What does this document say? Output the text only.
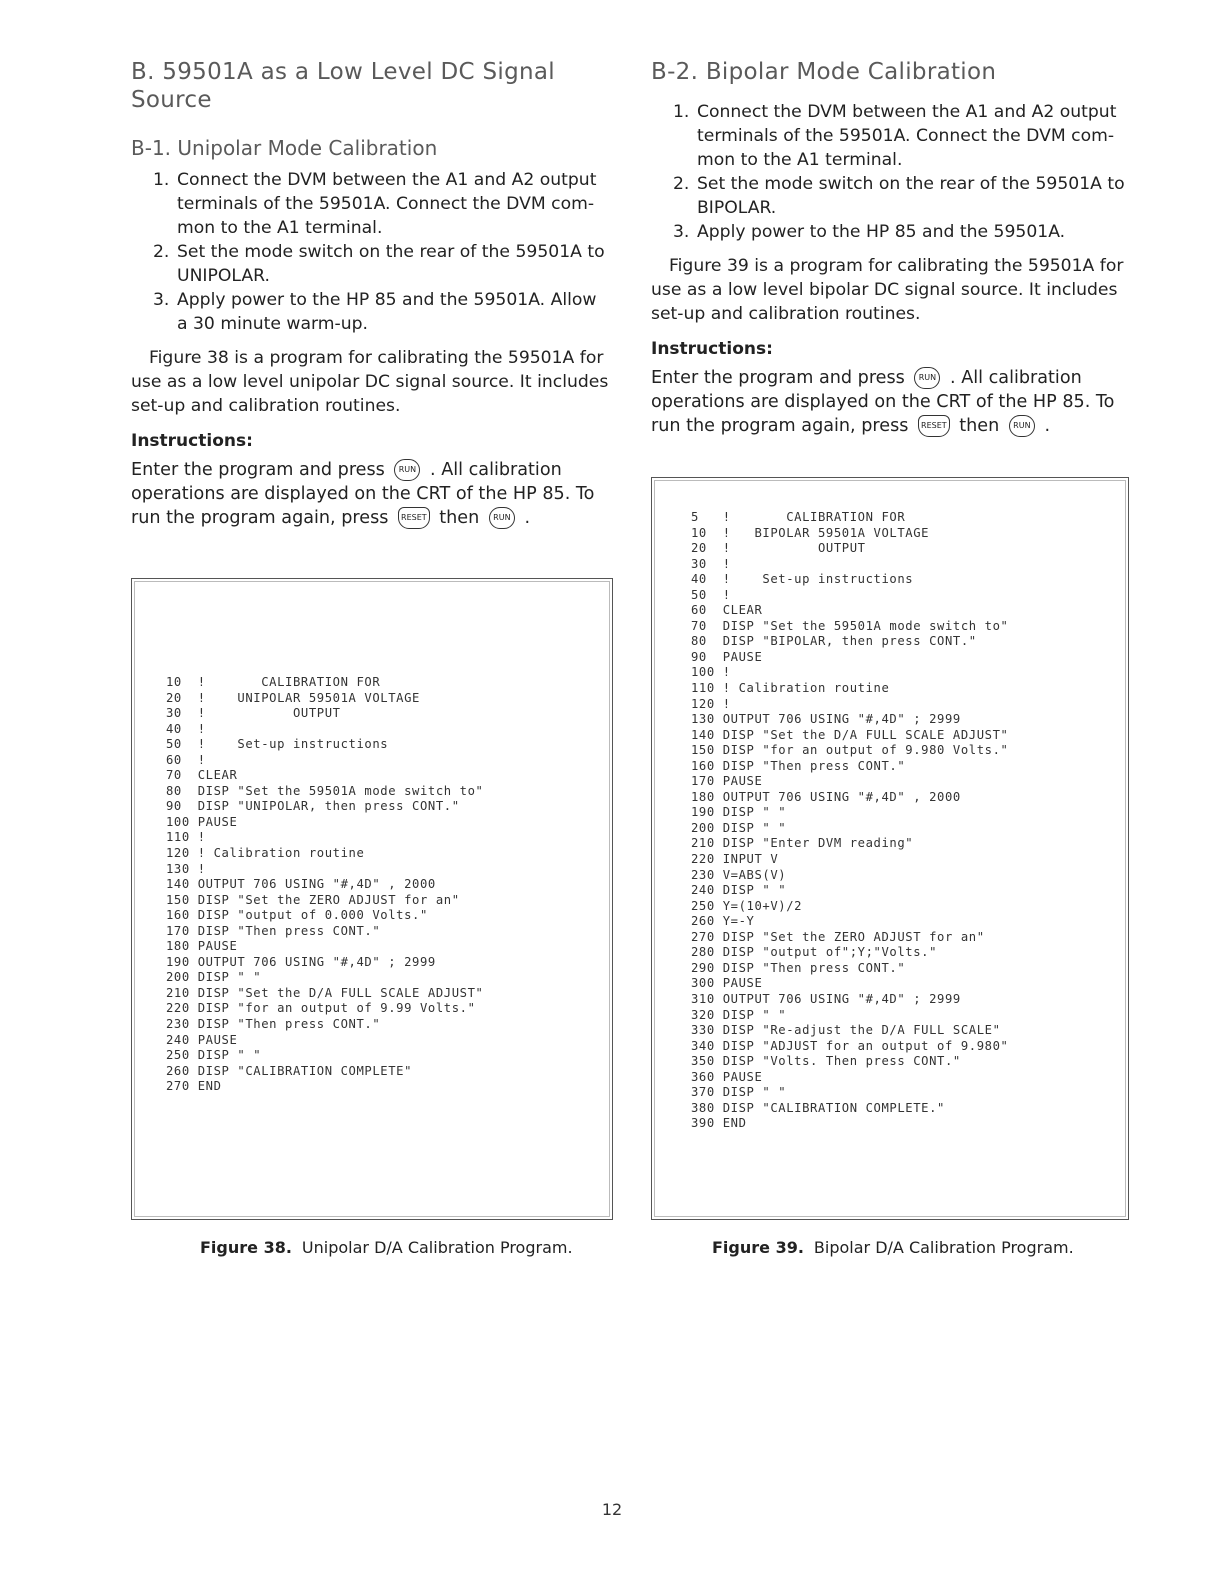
B. 59501A as a Low Level DC Signal
Source
B-1. Unipolar Mode Calibration
1. Connect the DVM between the A1 and A2 output
terminals of the 59501A. Connect the DVM com-
mon to the A1 terminal.
2. Set the mode switch on the rear of the 59501A to
UNIPOLAR.
3. Apply power to the HP 85 and the 59501A. Allow
a 30 minute warm-up.

Figure 38 is a program for calibrating the 59501A for
use as a low level unipolar DC signal source. It includes
set-up and calibration routines.

Instructions:

Enter the program and press RUN . All calibration
operations are displayed on the CRT of the HP 85. To
run the program again, press RESET then RUN .

B-2. Bipolar Mode Calibration
1. Connect the DVM between the A1 and A2 output
terminals of the 59501A. Connect the DVM com-
mon to the A1 terminal.
2. Set the mode switch on the rear of the 59501A to
BIPOLAR.
3. Apply power to the HP 85 and the 59501A.

Figure 39 is a program for calibrating the 59501A for
use as a low level bipolar DC signal source. It includes
set-up and calibration routines.

Instructions:

Enter the program and press RUN . All calibration
operations are displayed on the CRT of the HP 85. To
run the program again, press RESET then RUN .

10  !       CALIBRATION FOR
20  !    UNIPOLAR 59501A VOLTAGE
30  !           OUTPUT
40  !
50  !    Set-up instructions
60  !
70  CLEAR
80  DISP "Set the 59501A mode switch to"
90  DISP "UNIPOLAR, then press CONT."
100 PAUSE
110 !
120 ! Calibration routine
130 !
140 OUTPUT 706 USING "#,4D" , 2000
150 DISP "Set the ZERO ADJUST for an"
160 DISP "output of 0.000 Volts."
170 DISP "Then press CONT."
180 PAUSE
190 OUTPUT 706 USING "#,4D" ; 2999
200 DISP " "
210 DISP "Set the D/A FULL SCALE ADJUST"
220 DISP "for an output of 9.99 Volts."
230 DISP "Then press CONT."
240 PAUSE
250 DISP " "
260 DISP "CALIBRATION COMPLETE"
270 END
Figure 38. Unipolar D/A Calibration Program.
5   !       CALIBRATION FOR
10  !   BIPOLAR 59501A VOLTAGE
20  !           OUTPUT
30  !
40  !    Set-up instructions
50  !
60  CLEAR
70  DISP "Set the 59501A mode switch to"
80  DISP "BIPOLAR, then press CONT."
90  PAUSE
100 !
110 ! Calibration routine
120 !
130 OUTPUT 706 USING "#,4D" ; 2999
140 DISP "Set the D/A FULL SCALE ADJUST"
150 DISP "for an output of 9.980 Volts."
160 DISP "Then press CONT."
170 PAUSE
180 OUTPUT 706 USING "#,4D" , 2000
190 DISP " "
200 DISP " "
210 DISP "Enter DVM reading"
220 INPUT V
230 V=ABS(V)
240 DISP " "
250 Y=(10+V)/2
260 Y=-Y
270 DISP "Set the ZERO ADJUST for an"
280 DISP "output of";Y;"Volts."
290 DISP "Then press CONT."
300 PAUSE
310 OUTPUT 706 USING "#,4D" ; 2999
320 DISP " "
330 DISP "Re-adjust the D/A FULL SCALE"
340 DISP "ADJUST for an output of 9.980"
350 DISP "Volts. Then press CONT."
360 PAUSE
370 DISP " "
380 DISP "CALIBRATION COMPLETE."
390 END
Figure 39. Bipolar D/A Calibration Program.
12
